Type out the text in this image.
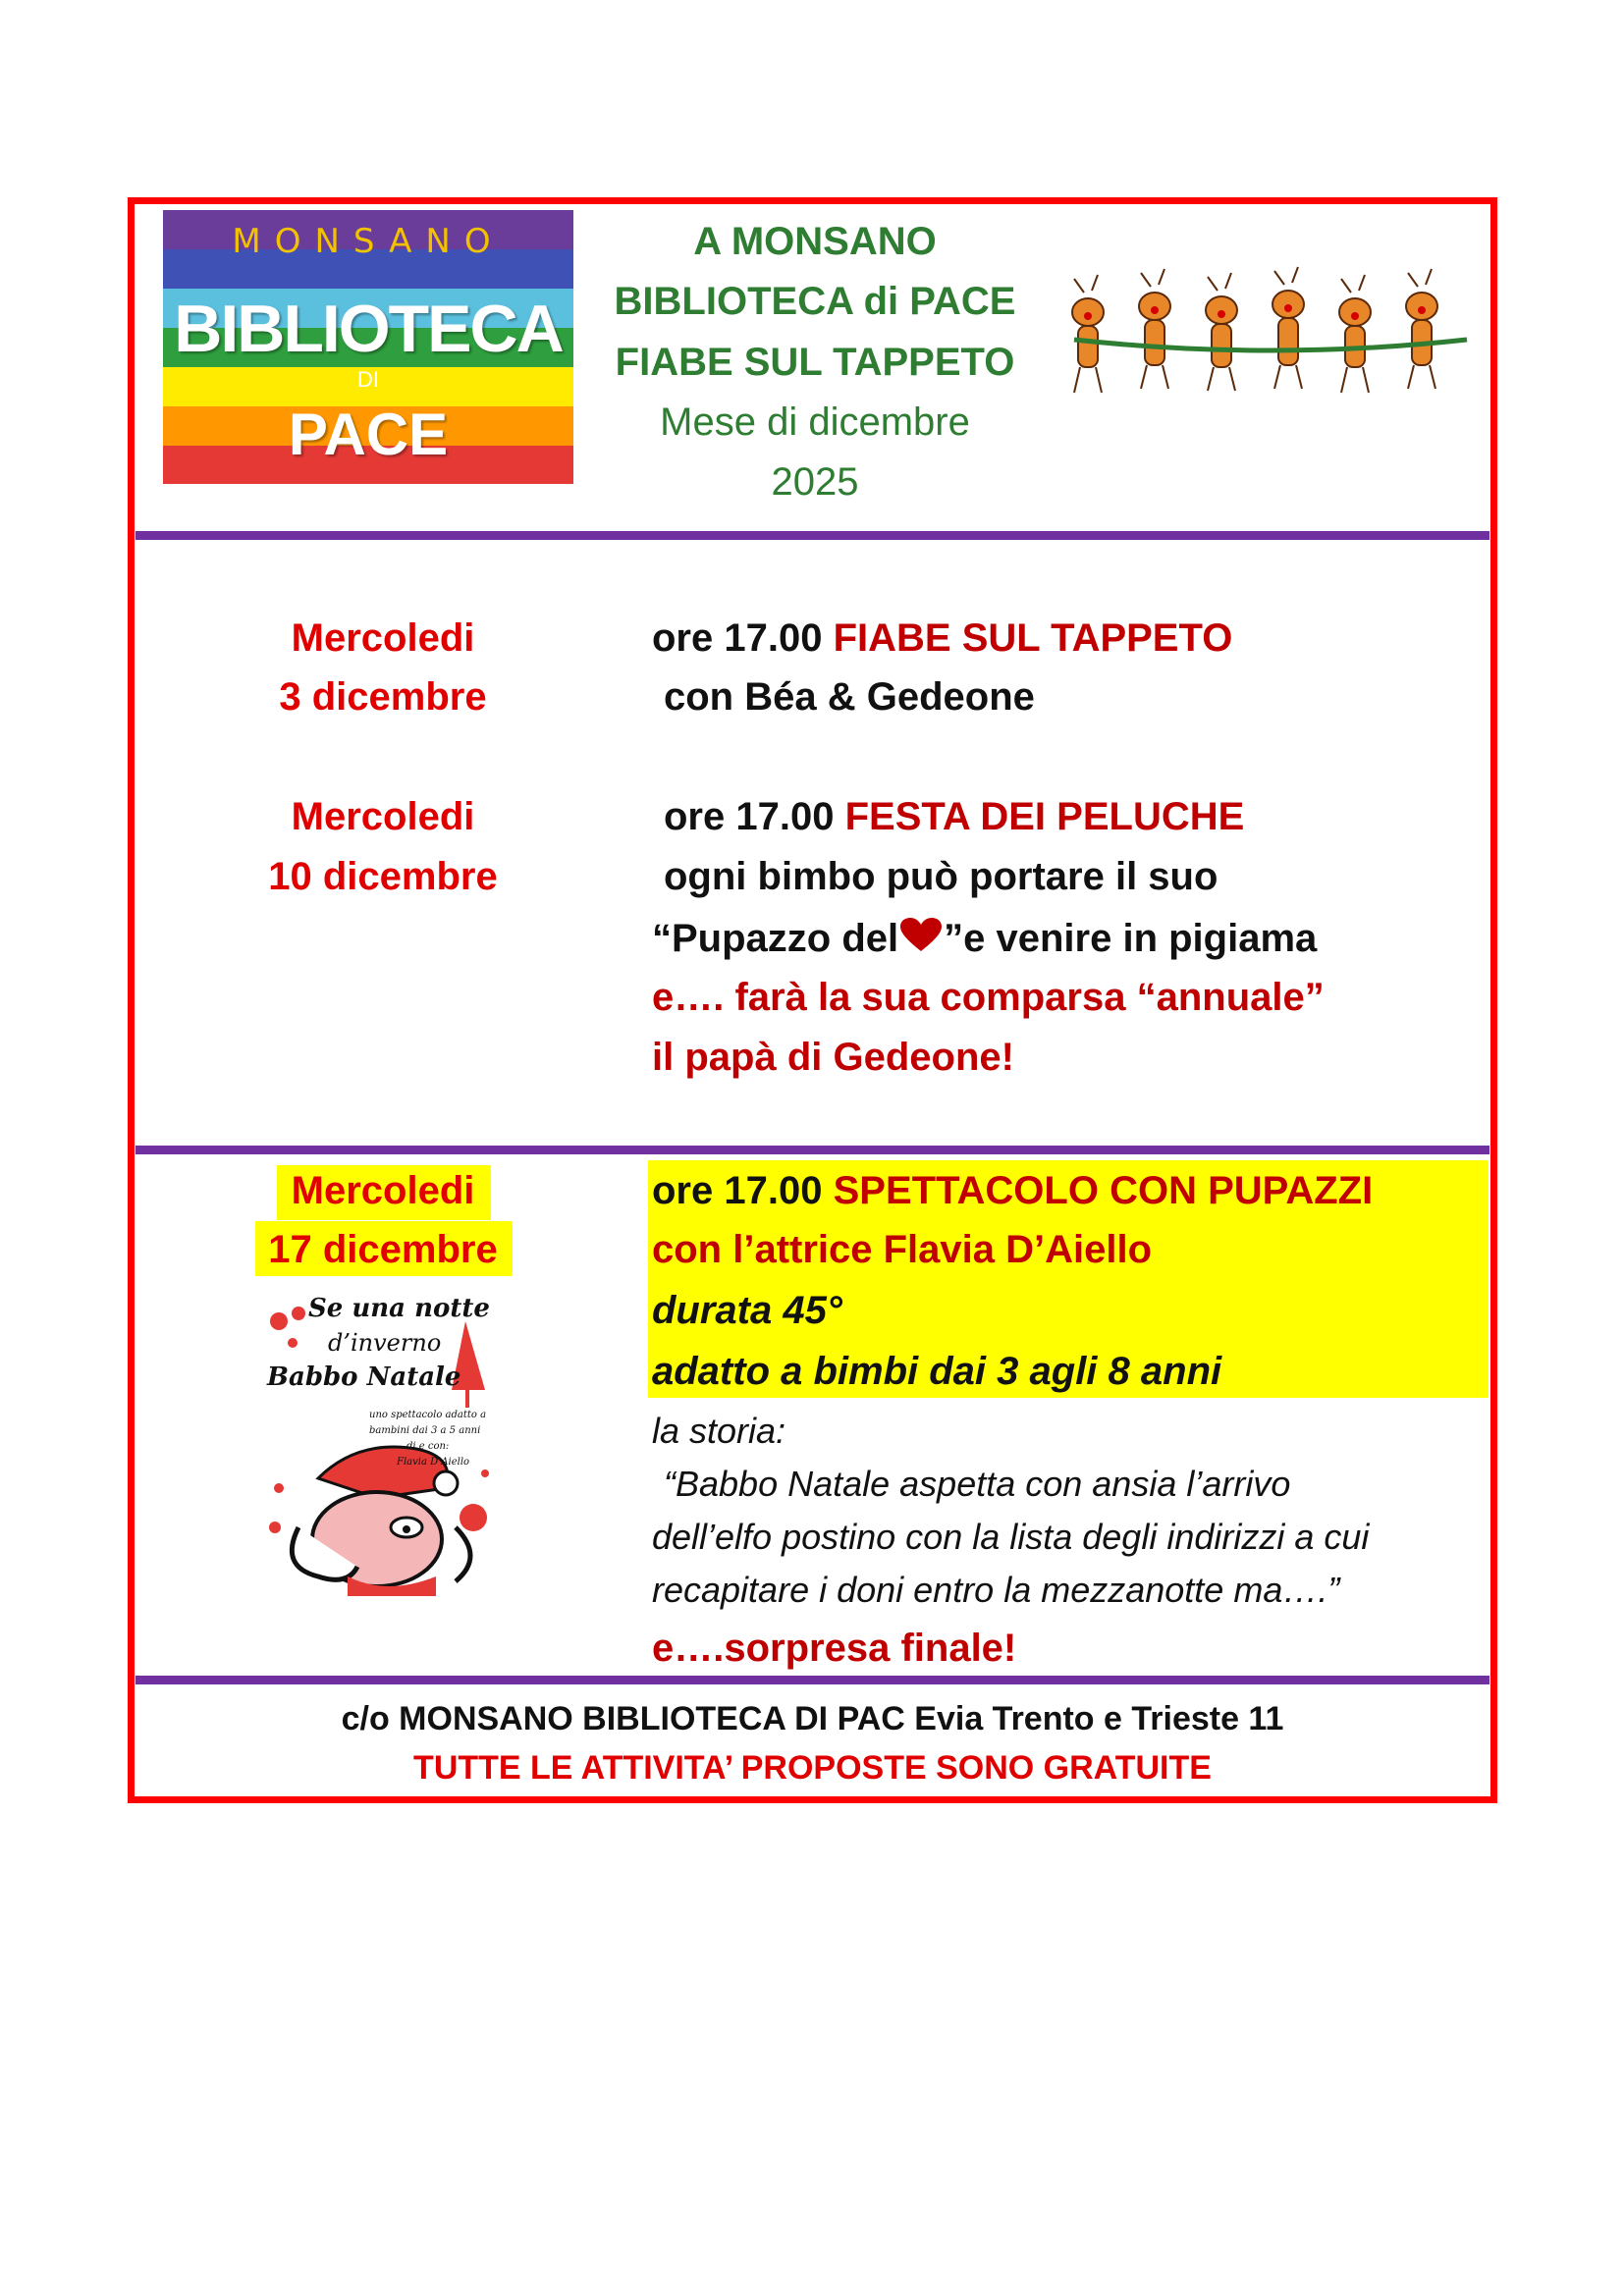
MONSANO
BIBLIOTECA
DI
PACE
A MONSANO
BIBLIOTECA di PACE
FIABE SUL TAPPETO
Mese di dicembre
2025
Mercoledi
3 dicembre
ore 17.00 FIABE SUL TAPPETO
con Béa & Gedeone
Mercoledi
10 dicembre
ore 17.00 FESTA DEI PELUCHE
ogni bimbo può portare il suo
“Pupazzo del ”e venire in pigiama
e…. farà la sua comparsa “annuale”
il papà di Gedeone!
Mercoledi
17 dicembre
ore 17.00 SPETTACOLO CON PUPAZZI
con l’attrice Flavia D’Aiello
durata 45°
adatto a bimbi dai 3 agli 8 anni
la storia:
“Babbo Natale aspetta con ansia l’arrivo
dell’elfo postino con la lista degli indirizzi a cui
recapitare i doni entro la mezzanotte ma….”
e….sorpresa finale!
Se una notte
d’inverno
Babbo Natale
uno spettacolo adatto a
bambini dai 3 a 5 anni
di e con:
Flavia D’Aiello
c/o MONSANO BIBLIOTECA DI PAC Evia Trento e Trieste 11
TUTTE LE ATTIVITA’ PROPOSTE SONO GRATUITE
